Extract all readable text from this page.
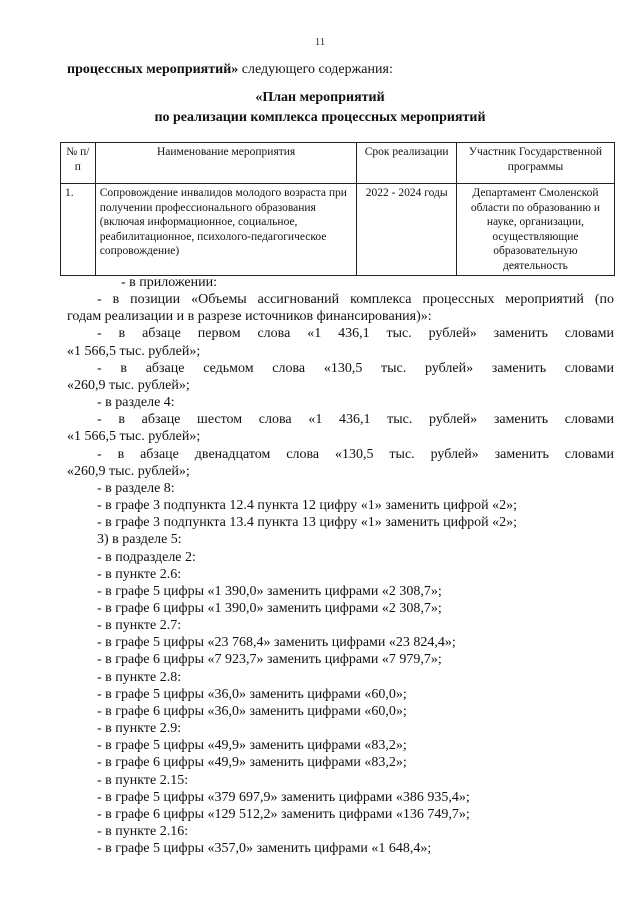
11
процессных мероприятий» следующего содержания:
«План мероприятий
по реализации комплекса процессных мероприятий
№ п/п	Наименование мероприятия	Срок реализации	Участник Государственной программы
1.	Сопровождение инвалидов молодого возраста при получении профессионального образования (включая информационное, социальное, реабилитационное, психолого-педагогическое сопровождение)	2022 - 2024 годы	Департамент Смоленской области по образованию и науке, организации, осуществляющие образовательную деятельность
- в приложении:
- в позиции «Объемы ассигнований комплекса процессных мероприятий (по
годам реализации и в разрезе источников финансирования)»:
- в абзаце первом слова «1 436,1 тыс. рублей» заменить словами
«1 566,5 тыс. рублей»;
- в абзаце седьмом слова «130,5 тыс. рублей» заменить словами
«260,9 тыс. рублей»;
- в разделе 4:
- в абзаце шестом слова «1 436,1 тыс. рублей» заменить словами
«1 566,5 тыс. рублей»;
- в абзаце двенадцатом слова «130,5 тыс. рублей» заменить словами
«260,9 тыс. рублей»;
- в разделе 8:
- в графе 3 подпункта 12.4 пункта 12 цифру «1» заменить цифрой «2»;
- в графе 3 подпункта 13.4 пункта 13 цифру «1» заменить цифрой «2»;
3) в разделе 5:
- в подразделе 2:
- в пункте 2.6:
- в графе 5 цифры «1 390,0» заменить цифрами «2 308,7»;
- в графе 6 цифры «1 390,0» заменить цифрами «2 308,7»;
- в пункте 2.7:
- в графе 5 цифры «23 768,4» заменить цифрами «23 824,4»;
- в графе 6 цифры «7 923,7» заменить цифрами «7 979,7»;
- в пункте 2.8:
- в графе 5 цифры «36,0» заменить цифрами «60,0»;
- в графе 6 цифры «36,0» заменить цифрами «60,0»;
- в пункте 2.9:
- в графе 5 цифры «49,9» заменить цифрами «83,2»;
- в графе 6 цифры «49,9» заменить цифрами «83,2»;
- в пункте 2.15:
- в графе 5 цифры «379 697,9» заменить цифрами «386 935,4»;
- в графе 6 цифры «129 512,2» заменить цифрами «136 749,7»;
- в пункте 2.16:
- в графе 5 цифры «357,0» заменить цифрами «1 648,4»;
